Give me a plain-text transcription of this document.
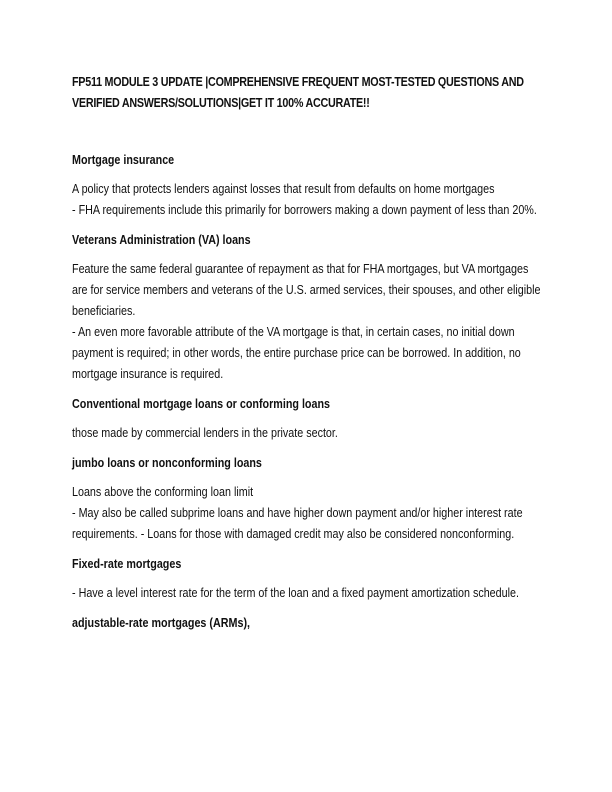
FP511 MODULE 3 UPDATE |COMPREHENSIVE FREQUENT MOST-TESTED QUESTIONS AND VERIFIED ANSWERS/SOLUTIONS|GET IT 100% ACCURATE!!
Mortgage insurance
A policy that protects lenders against losses that result from defaults on home mortgages
- FHA requirements include this primarily for borrowers making a down payment of less than 20%.
Veterans Administration (VA) loans
Feature the same federal guarantee of repayment as that for FHA mortgages, but VA mortgages are for service members and veterans of the U.S. armed services, their spouses, and other eligible beneficiaries.
- An even more favorable attribute of the VA mortgage is that, in certain cases, no initial down payment is required; in other words, the entire purchase price can be borrowed. In addition, no mortgage insurance is required.
Conventional mortgage loans or conforming loans
those made by commercial lenders in the private sector.
jumbo loans or nonconforming loans
Loans above the conforming loan limit
- May also be called subprime loans and have higher down payment and/or higher interest rate requirements. - Loans for those with damaged credit may also be considered nonconforming.
Fixed-rate mortgages
- Have a level interest rate for the term of the loan and a fixed payment amortization schedule.
adjustable-rate mortgages (ARMs),
